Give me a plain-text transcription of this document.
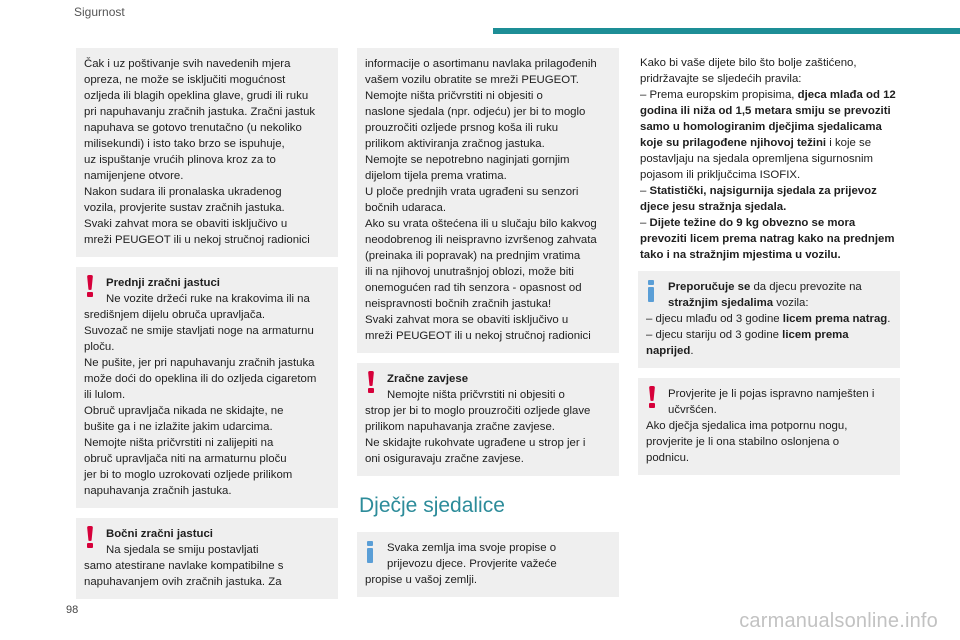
Sigurnost

Čak i uz poštivanje svih navedenih mjera

opreza, ne može se isključiti mogućnost

ozljeda ili blagih opeklina glave, grudi ili ruku

pri napuhavanju zračnih jastuka. Zračni jastuk

napuhava se gotovo trenutačno (u nekoliko

milisekundi) i isto tako brzo se ispuhuje,

uz ispuštanje vrućih plinova kroz za to

namijenjene otvore.

Nakon sudara ili pronalaska ukradenog

vozila, provjerite sustav zračnih jastuka.

Svaki zahvat mora se obaviti isključivo u

mreži PEUGEOT ili u nekoj stručnoj radionici

Prednji zračni jastuci

Ne vozite držeći ruke na krakovima ili na

središnjem dijelu obruča upravljača.

Suvozač ne smije stavljati noge na armaturnu

ploču.

Ne pušite, jer pri napuhavanju zračnih jastuka

može doći do opeklina ili do ozljeda cigaretom

ili lulom.

Obruč upravljača nikada ne skidajte, ne

bušite ga i ne izlažite jakim udarcima.

Nemojte ništa pričvrstiti ni zalijepiti na

obruč upravljača niti na armaturnu ploču

jer bi to moglo uzrokovati ozljede prilikom

napuhavanja zračnih jastuka.

Bočni zračni jastuci

Na sjedala se smiju postavljati

samo atestirane navlake kompatibilne s

napuhavanjem ovih zračnih jastuka. Za

informacije o asortimanu navlaka prilagođenih

vašem vozilu obratite se mreži PEUGEOT.

Nemojte ništa pričvrstiti ni objesiti o

naslone sjedala (npr. odjeću) jer bi to moglo

prouzročiti ozljede prsnog koša ili ruku

prilikom aktiviranja zračnog jastuka.

Nemojte se nepotrebno naginjati gornjim

dijelom tijela prema vratima.

U ploče prednjih vrata ugrađeni su senzori

bočnih udaraca.

Ako su vrata oštećena ili u slučaju bilo kakvog

neodobrenog ili neispravno izvršenog zahvata

(preinaka ili popravak) na prednjim vratima

ili na njihovoj unutrašnjoj oblozi, može biti

onemogućen rad tih senzora - opasnost od

neispravnosti bočnih zračnih jastuka!

Svaki zahvat mora se obaviti isključivo u

mreži PEUGEOT ili u nekoj stručnoj radionici

Zračne zavjese

Nemojte ništa pričvrstiti ni objesiti o

strop jer bi to moglo prouzročiti ozljede glave

prilikom napuhavanja zračne zavjese.

Ne skidajte rukohvate ugrađene u strop jer i

oni osiguravaju zračne zavjese.

Dječje sjedalice

Svaka zemlja ima svoje propise o

prijevozu djece. Provjerite važeće

propise u vašoj zemlji.

Kako bi vaše dijete bilo što bolje zaštićeno,

pridržavajte se sljedećih pravila:

– Prema europskim propisima, djeca mlađa od 12 godina ili niža od 1,5 metara smiju se prevoziti samo u homologiranim dječjima sjedalicama koje su prilagođene njihovoj težini i koje se postavljaju na sjedala opremljena sigurnosnim pojasom ili priključcima ISOFIX.

– Statistički, najsigurnija sjedala za prijevoz djece jesu stražnja sjedala.

– Dijete težine do 9 kg obvezno se mora prevoziti licem prema natrag kako na prednjem tako i na stražnjim mjestima u vozilu.

Preporučuje se da djecu prevozite na

stražnjim sjedalima vozila:

– djecu mlađu od 3 godine licem prema natrag.

– djecu stariju od 3 godine licem prema naprijed.

Provjerite je li pojas ispravno namješten i

učvršćen.

Ako dječja sjedalica ima potpornu nogu,

provjerite je li ona stabilno oslonjena o

podnicu.

98	carmanualsonline.info
